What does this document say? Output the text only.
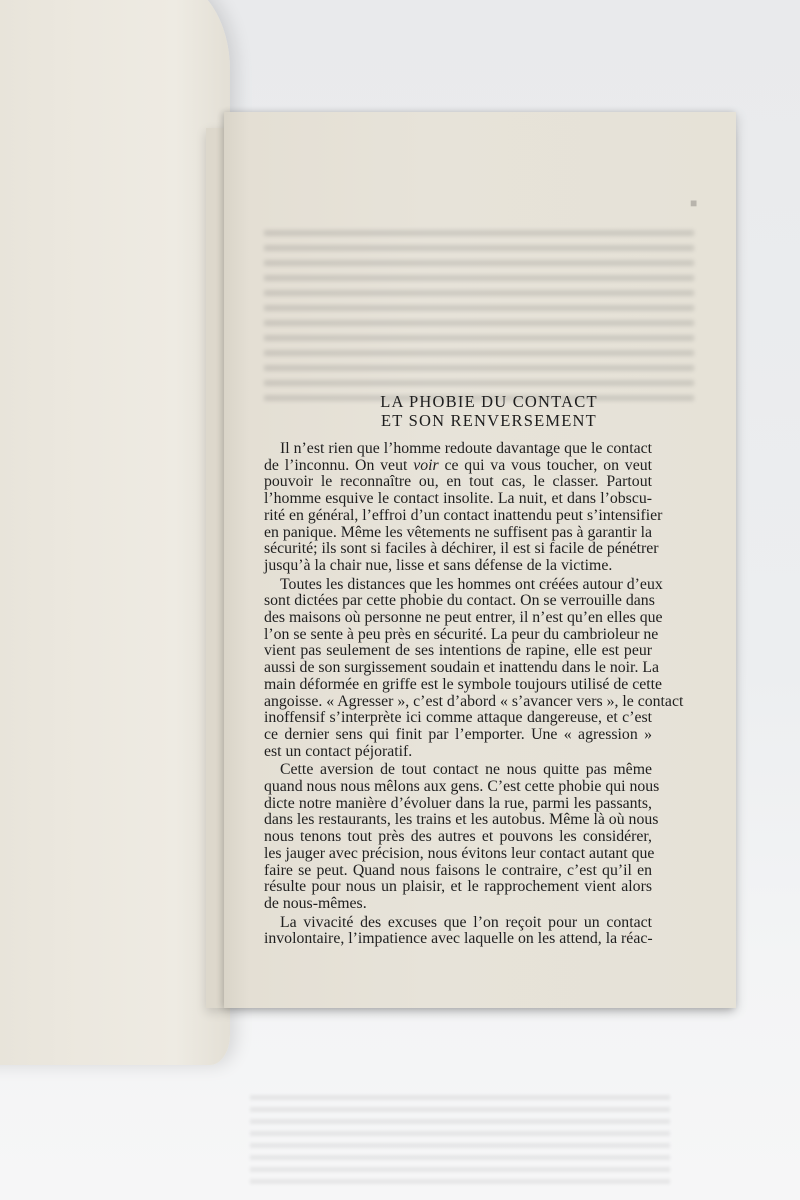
■
LA PHOBIE DU CONTACT
ET SON RENVERSEMENT
Il n’est rien que l’homme redoute davantage que le contact
de l’inconnu. On veut voir ce qui va vous toucher, on veut
pouvoir le reconnaître ou, en tout cas, le classer. Partout
l’homme esquive le contact insolite. La nuit, et dans l’obscu-
rité en général, l’effroi d’un contact inattendu peut s’intensifier
en panique. Même les vêtements ne suffisent pas à garantir la
sécurité; ils sont si faciles à déchirer, il est si facile de pénétrer
jusqu’à la chair nue, lisse et sans défense de la victime.
Toutes les distances que les hommes ont créées autour d’eux
sont dictées par cette phobie du contact. On se verrouille dans
des maisons où personne ne peut entrer, il n’est qu’en elles que
l’on se sente à peu près en sécurité. La peur du cambrioleur ne
vient pas seulement de ses intentions de rapine, elle est peur
aussi de son surgissement soudain et inattendu dans le noir. La
main déformée en griffe est le symbole toujours utilisé de cette
angoisse. « Agresser », c’est d’abord « s’avancer vers », le contact
inoffensif s’interprète ici comme attaque dangereuse, et c’est
ce dernier sens qui finit par l’emporter. Une « agression »
est un contact péjoratif.
Cette aversion de tout contact ne nous quitte pas même
quand nous nous mêlons aux gens. C’est cette phobie qui nous
dicte notre manière d’évoluer dans la rue, parmi les passants,
dans les restaurants, les trains et les autobus. Même là où nous
nous tenons tout près des autres et pouvons les considérer,
les jauger avec précision, nous évitons leur contact autant que
faire se peut. Quand nous faisons le contraire, c’est qu’il en
résulte pour nous un plaisir, et le rapprochement vient alors
de nous-mêmes.
La vivacité des excuses que l’on reçoit pour un contact
involontaire, l’impatience avec laquelle on les attend, la réac-
